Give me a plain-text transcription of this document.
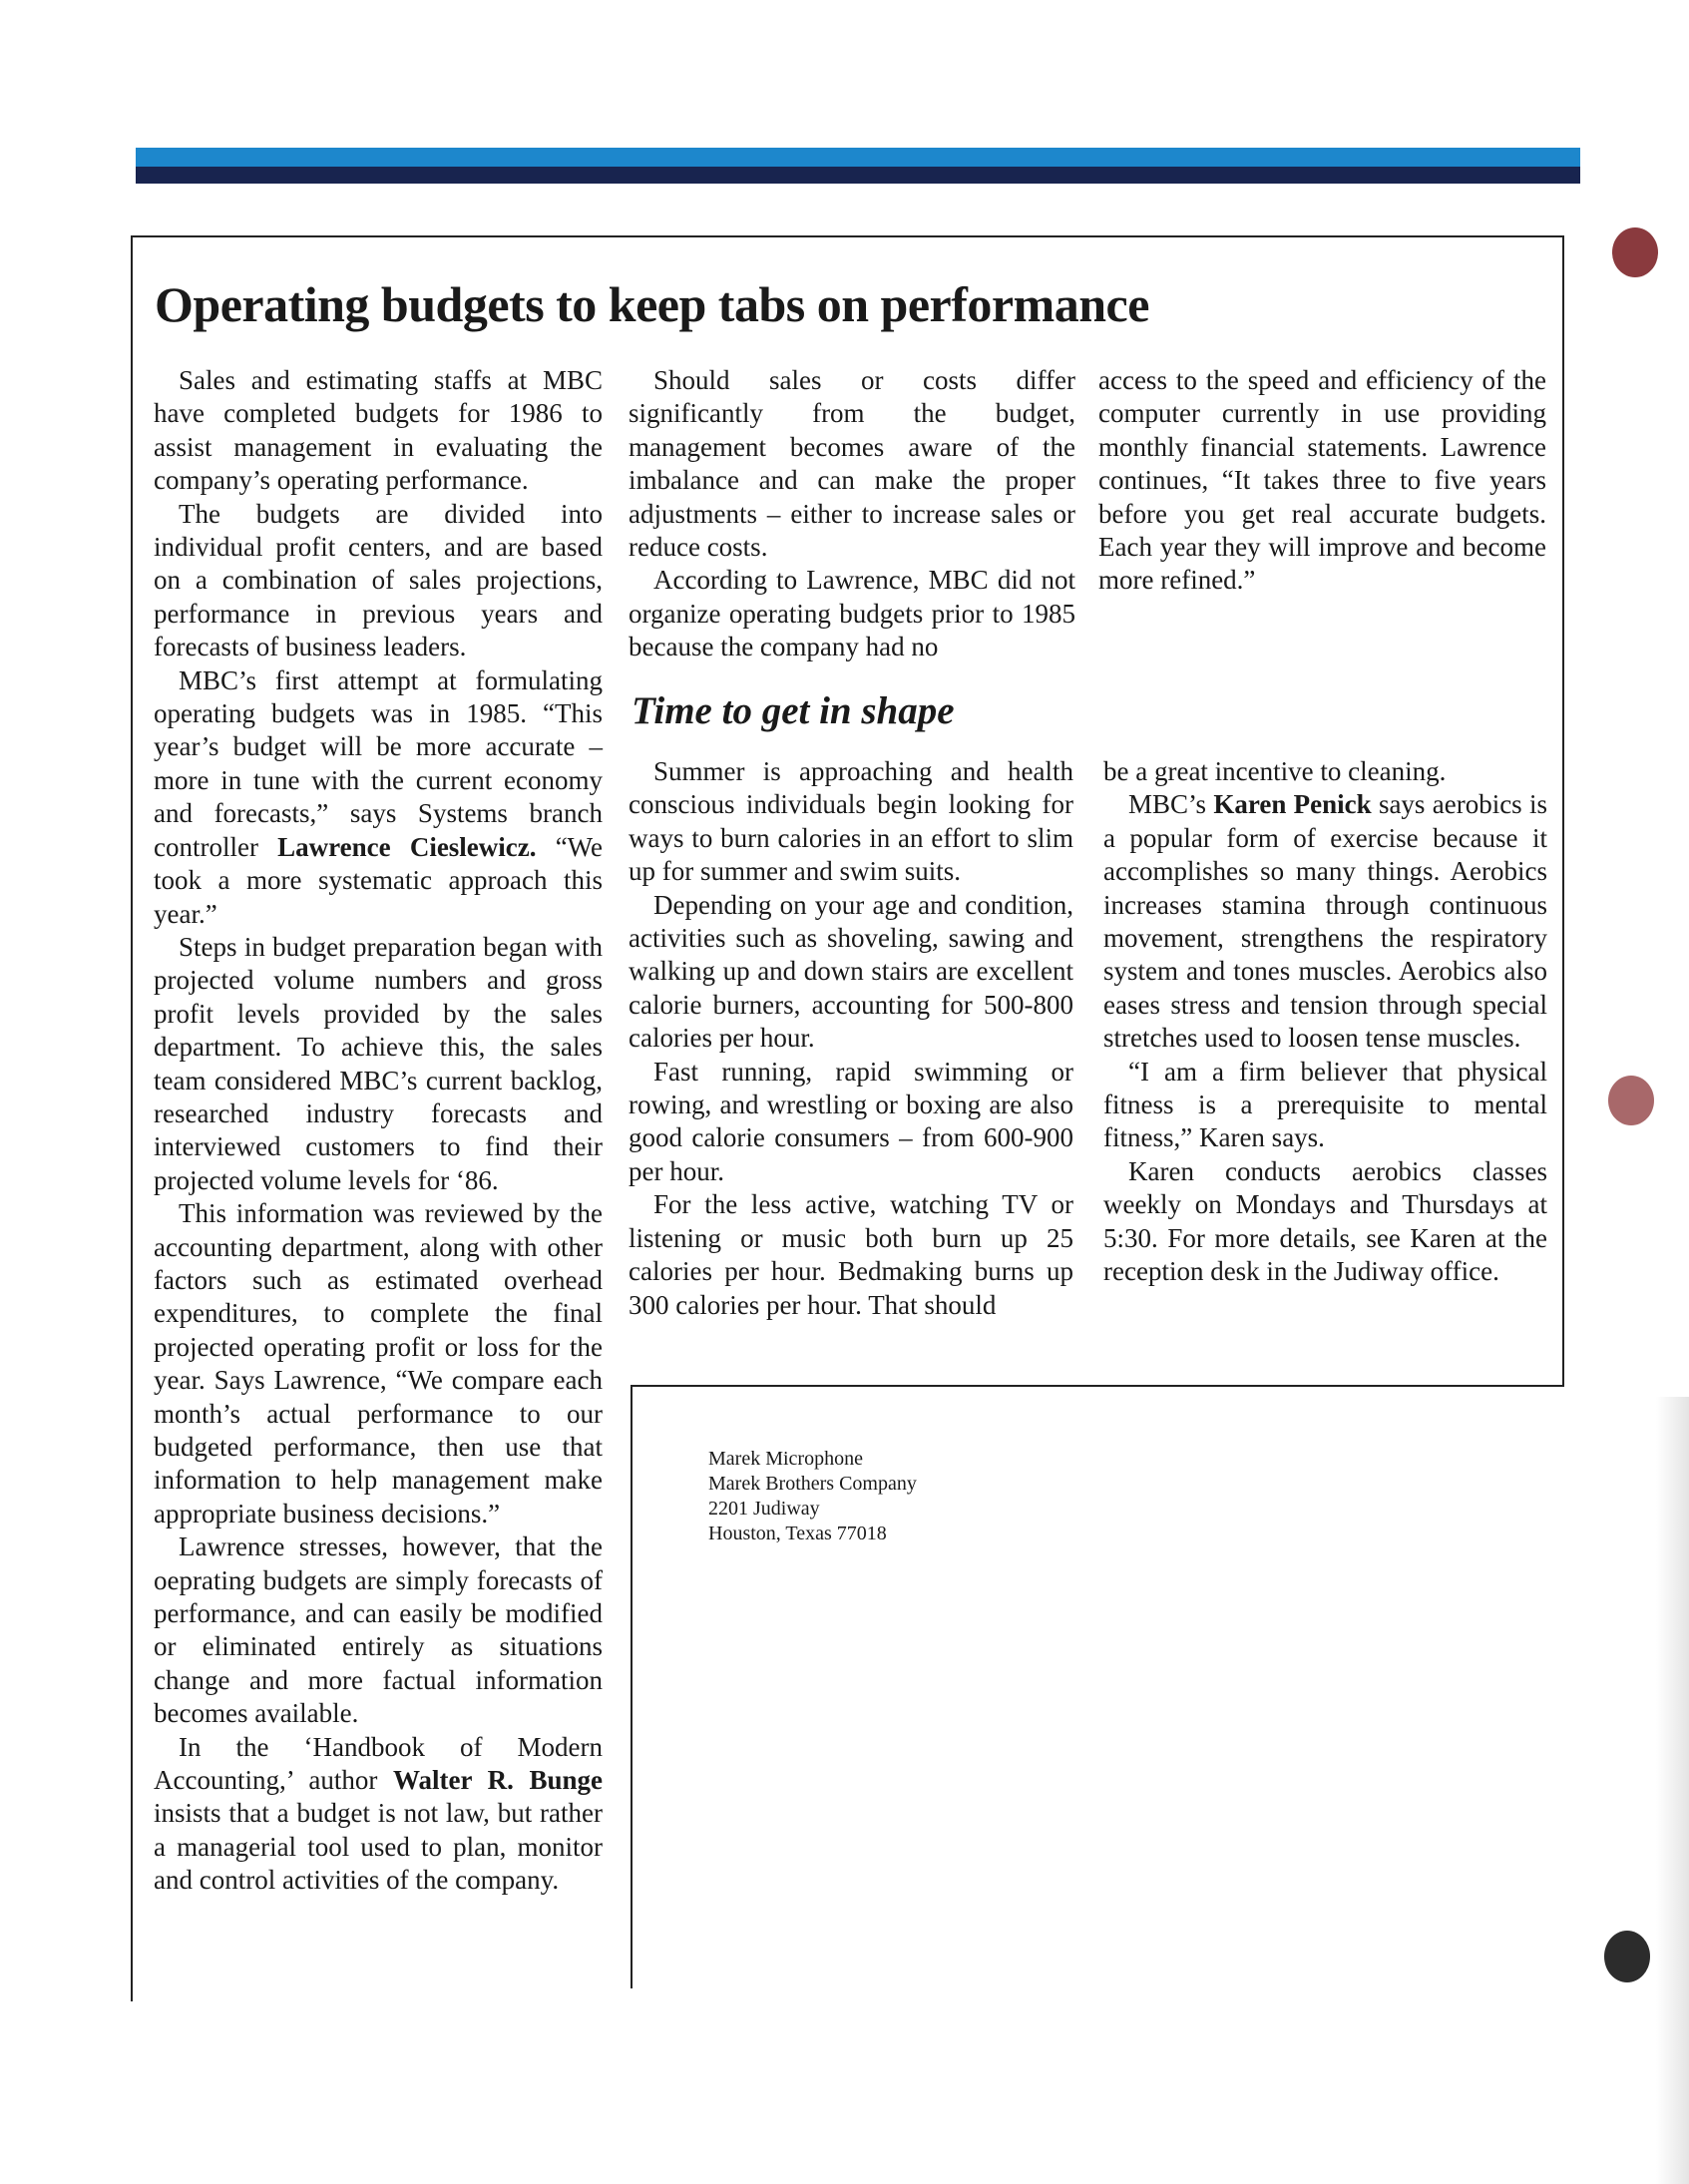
Operating budgets to keep tabs on performance

Sales and estimating staffs at MBC have completed budgets for 1986 to assist management in evaluating the company’s operating performance.

The budgets are divided into individual profit centers, and are based on a combination of sales projections, performance in previous years and forecasts of business leaders.

MBC’s first attempt at formulating operating budgets was in 1985. “This year’s budget will be more accurate – more in tune with the current economy and forecasts,” says Systems branch controller Lawrence Cieslewicz. “We took a more systematic approach this year.”

Steps in budget preparation began with projected volume numbers and gross profit levels provided by the sales department. To achieve this, the sales team considered MBC’s current backlog, researched industry forecasts and interviewed customers to find their projected volume levels for ‘86.

This information was reviewed by the accounting department, along with other factors such as estimated overhead expenditures, to complete the final projected operating profit or loss for the year. Says Lawrence, “We compare each month’s actual performance to our budgeted performance, then use that information to help management make appropriate business decisions.”

Lawrence stresses, however, that the oeprating budgets are simply forecasts of performance, and can easily be modified or eliminated entirely as situations change and more factual information becomes available.

In the ‘Handbook of Modern Accounting,’ author Walter R. Bunge insists that a budget is not law, but rather a managerial tool used to plan, monitor and control activities of the company.

Should sales or costs differ significantly from the budget, management becomes aware of the imbalance and can make the proper adjustments – either to increase sales or reduce costs.

According to Lawrence, MBC did not organize operating budgets prior to 1985 because the company had no

access to the speed and efficiency of the computer currently in use providing monthly financial statements. Lawrence continues, “It takes three to five years before you get real accurate budgets. Each year they will improve and become more refined.”

Time to get in shape

Summer is approaching and health conscious individuals begin looking for ways to burn calories in an effort to slim up for summer and swim suits.

Depending on your age and condition, activities such as shoveling, sawing and walking up and down stairs are excellent calorie burners, accounting for 500-800 calories per hour.

Fast running, rapid swimming or rowing, and wrestling or boxing are also good calorie consumers – from 600-900 per hour.

For the less active, watching TV or listening or music both burn up 25 calories per hour. Bedmaking burns up 300 calories per hour. That should

be a great incentive to cleaning.

MBC’s Karen Penick says aerobics is a popular form of exercise because it accomplishes so many things. Aerobics increases stamina through continuous movement, strengthens the respiratory system and tones muscles. Aerobics also eases stress and tension through special stretches used to loosen tense muscles.

“I am a firm believer that physical fitness is a prerequisite to mental fitness,” Karen says.

Karen conducts aerobics classes weekly on Mondays and Thursdays at 5:30. For more details, see Karen at the reception desk in the Judiway office.

Marek Microphone
Marek Brothers Company
2201 Judiway
Houston, Texas 77018
